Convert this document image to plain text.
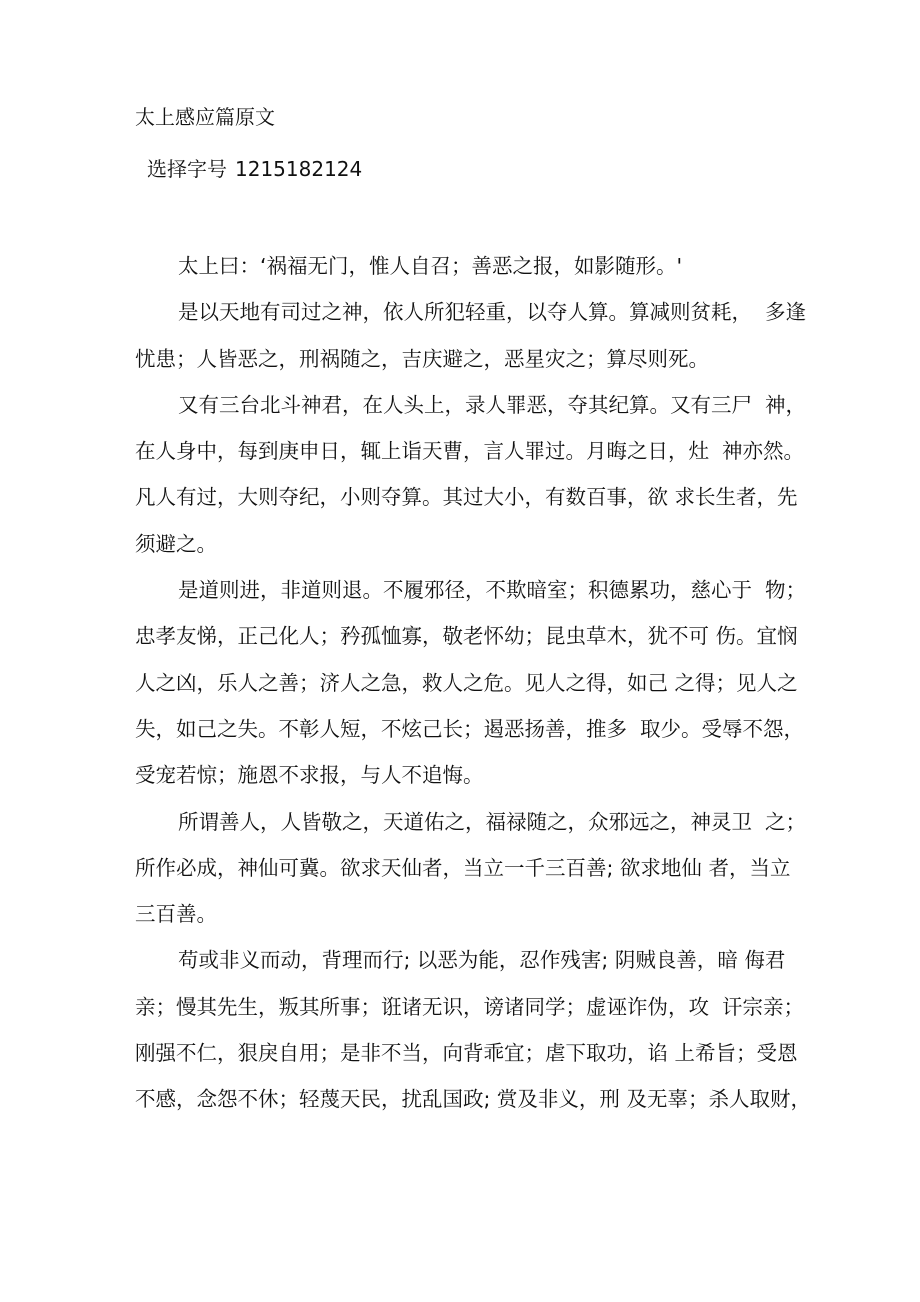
太上感应篇原文
选择字号 1215182124

太上曰：‘祸福无门，惟人自召；善恶之报，如影随形。'

是以天地有司过之神，依人所犯轻重，以夺人算。算减则贫耗，  多逢
忧患；人皆恶之，刑祸随之，吉庆避之，恶星灾之；算尽则死。

又有三台北斗神君，在人头上，录人罪恶，夺其纪算。又有三尸  神，
在人身中，每到庚申日，辄上诣天曹，言人罪过。月晦之日，灶  神亦然。
凡人有过，大则夺纪，小则夺算。其过大小，有数百事，欲 求长生者，先
须避之。

是道则进，非道则退。不履邪径，不欺暗室；积德累功，慈心于  物；
忠孝友悌，正己化人；矜孤恤寡，敬老怀幼；昆虫草木，犹不可 伤。宜悯
人之凶，乐人之善；济人之急，救人之危。见人之得，如己 之得；见人之
失，如己之失。不彰人短，不炫己长；遏恶扬善，推多  取少。受辱不怨，
受宠若惊；施恩不求报，与人不追悔。

所谓善人，人皆敬之，天道佑之，福禄随之，众邪远之，神灵卫  之；
所作必成，神仙可冀。欲求天仙者，当立一千三百善; 欲求地仙 者，当立
三百善。

苟或非义而动，背理而行; 以恶为能，忍作残害; 阴贼良善，暗 侮君
亲；慢其先生，叛其所事；诳诸无识，谤诸同学；虚诬诈伪，攻  讦宗亲；
刚强不仁，狠戾自用；是非不当，向背乖宜；虐下取功，谄 上希旨；受恩
不感，念怨不休；轻蔑天民，扰乱国政; 赏及非义，刑 及无辜；杀人取财，
